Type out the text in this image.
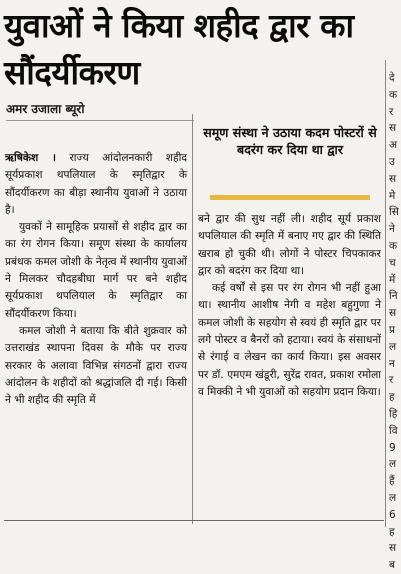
युवाओं ने किया शहीद द्वार का सौंदर्यीकरण
अमर उजाला ब्यूरो

ऋषिकेश । राज्य आंदोलनकारी शहीद सूर्यप्रकाश थपलियाल के स्मृतिद्वार के सौंदर्यीकरण का बीड़ा स्थानीय युवाओं ने उठाया है।

युवकों ने सामूहिक प्रयासों से शहीद द्वार का का रंग रोगन किया। समूण संस्था के कार्यालय प्रबंधक कमल जोशी के नेतृत्व में स्थानीय युवाओं ने मिलकर चौदहबीघा मार्ग पर बने शहीद सूर्यप्रकाश थपलियाल के स्मृतिद्वार का सौंदर्यीकरण किया।

कमल जोशी ने बताया कि बीते शुक्रवार को उत्तराखंड स्थापना दिवस के मौके पर राज्य सरकार के अलावा विभिन्न संगठनों द्वारा राज्य आंदोलन के शहीदों को श्रद्धांजलि दी गई। किसी ने भी शहीद की स्मृति में

समूण संस्था ने उठाया कदम पोस्टरों से बदरंग कर दिया था द्वार

बने द्वार की सुध नहीं ली। शहीद सूर्य प्रकाश थपलियाल की स्मृति में बनाए गए द्वार की स्थिति खराब हो चुकी थी। लोगों ने पोस्टर चिपकाकर द्वार को बदरंग कर दिया था।

कई वर्षों से इस पर रंग रोगन भी नहीं हुआ था। स्थानीय आशीष नेगी व महेश बहुगुणा ने कमल जोशी के सहयोग से स्वयं ही स्मृति द्वार पर लगे पोस्टर व बैनरों को हटाया। स्वयं के संसाधनों से रंगाई व लेखन का कार्य किया। इस अवसर पर डॉ. एमएम खंडूरी, सुरेंद्र रावत, प्रकाश रमोला व मिक्की ने भी युवाओं को सहयोग प्रदान किया।

दे
क
र
स
अ
उ
स
मे
सि
ने
क
च
में
नि
स
प्र
ल
न
र
ह
हि
वि
9
ल
हैं
ल
6
ह
स
ब
